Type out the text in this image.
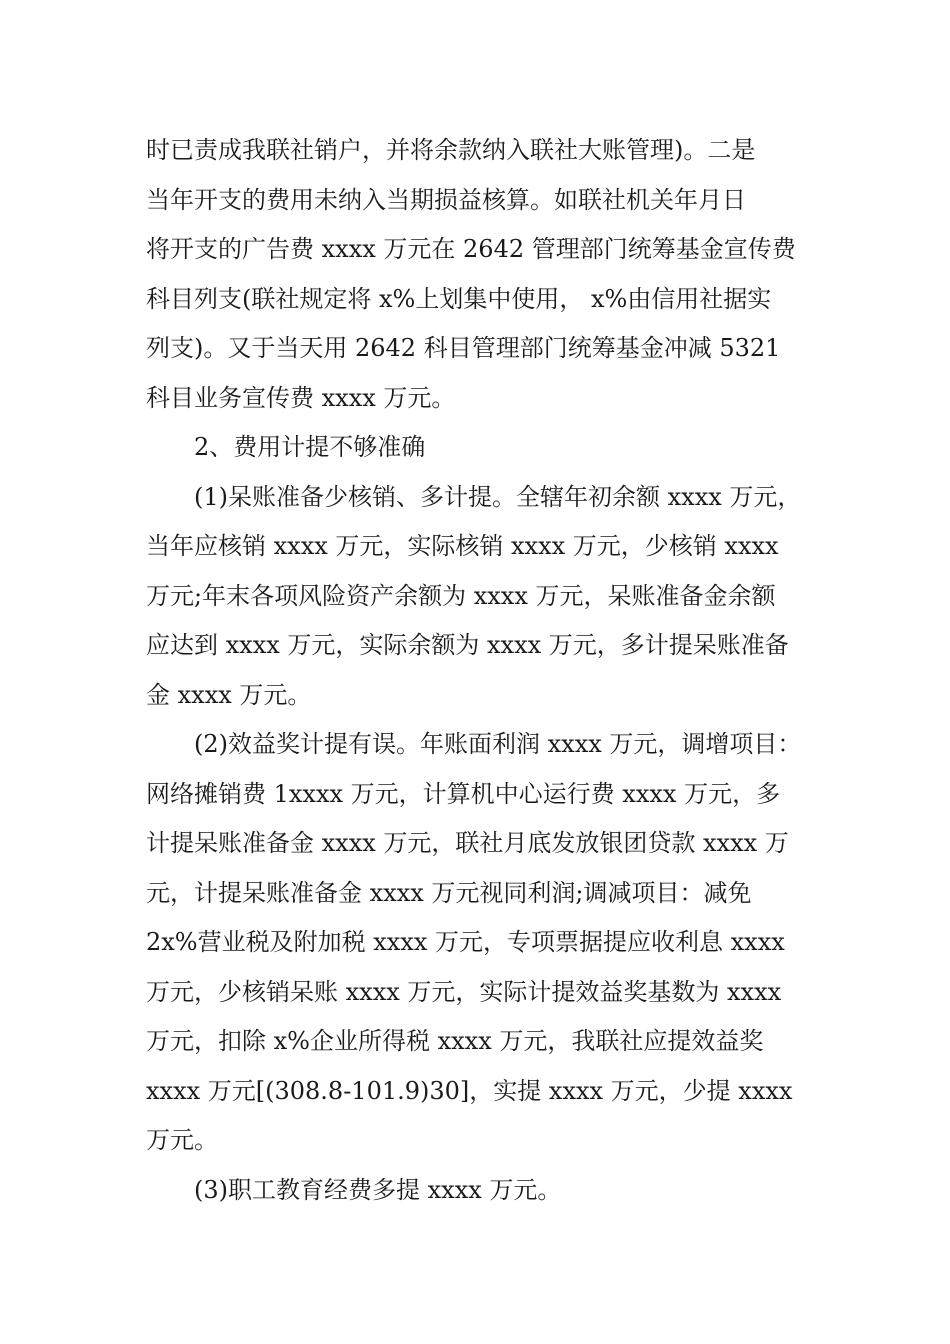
时已责成我联社销户，并将余款纳入联社大账管理)。二是
当年开支的费用未纳入当期损益核算。如联社机关年月日
将开支的广告费 xxxx 万元在 2642 管理部门统筹基金宣传费
科目列支(联社规定将 x%上划集中使用， x%由信用社据实
列支)。又于当天用 2642 科目管理部门统筹基金冲减 5321
科目业务宣传费 xxxx 万元。

2、费用计提不够准确

(1)呆账准备少核销、多计提。全辖年初余额 xxxx 万元，
当年应核销 xxxx 万元，实际核销 xxxx 万元，少核销 xxxx
万元;年末各项风险资产余额为 xxxx 万元，呆账准备金余额
应达到 xxxx 万元，实际余额为 xxxx 万元，多计提呆账准备
金 xxxx 万元。

(2)效益奖计提有误。年账面利润 xxxx 万元，调增项目：
网络摊销费 1xxxx 万元，计算机中心运行费 xxxx 万元，多
计提呆账准备金 xxxx 万元，联社月底发放银团贷款 xxxx 万
元，计提呆账准备金 xxxx 万元视同利润;调减项目：减免
2x%营业税及附加税 xxxx 万元，专项票据提应收利息 xxxx
万元，少核销呆账 xxxx 万元，实际计提效益奖基数为 xxxx
万元，扣除 x%企业所得税 xxxx 万元，我联社应提效益奖
xxxx 万元[(308.8-101.9)30]，实提 xxxx 万元，少提 xxxx
万元。

(3)职工教育经费多提 xxxx 万元。
